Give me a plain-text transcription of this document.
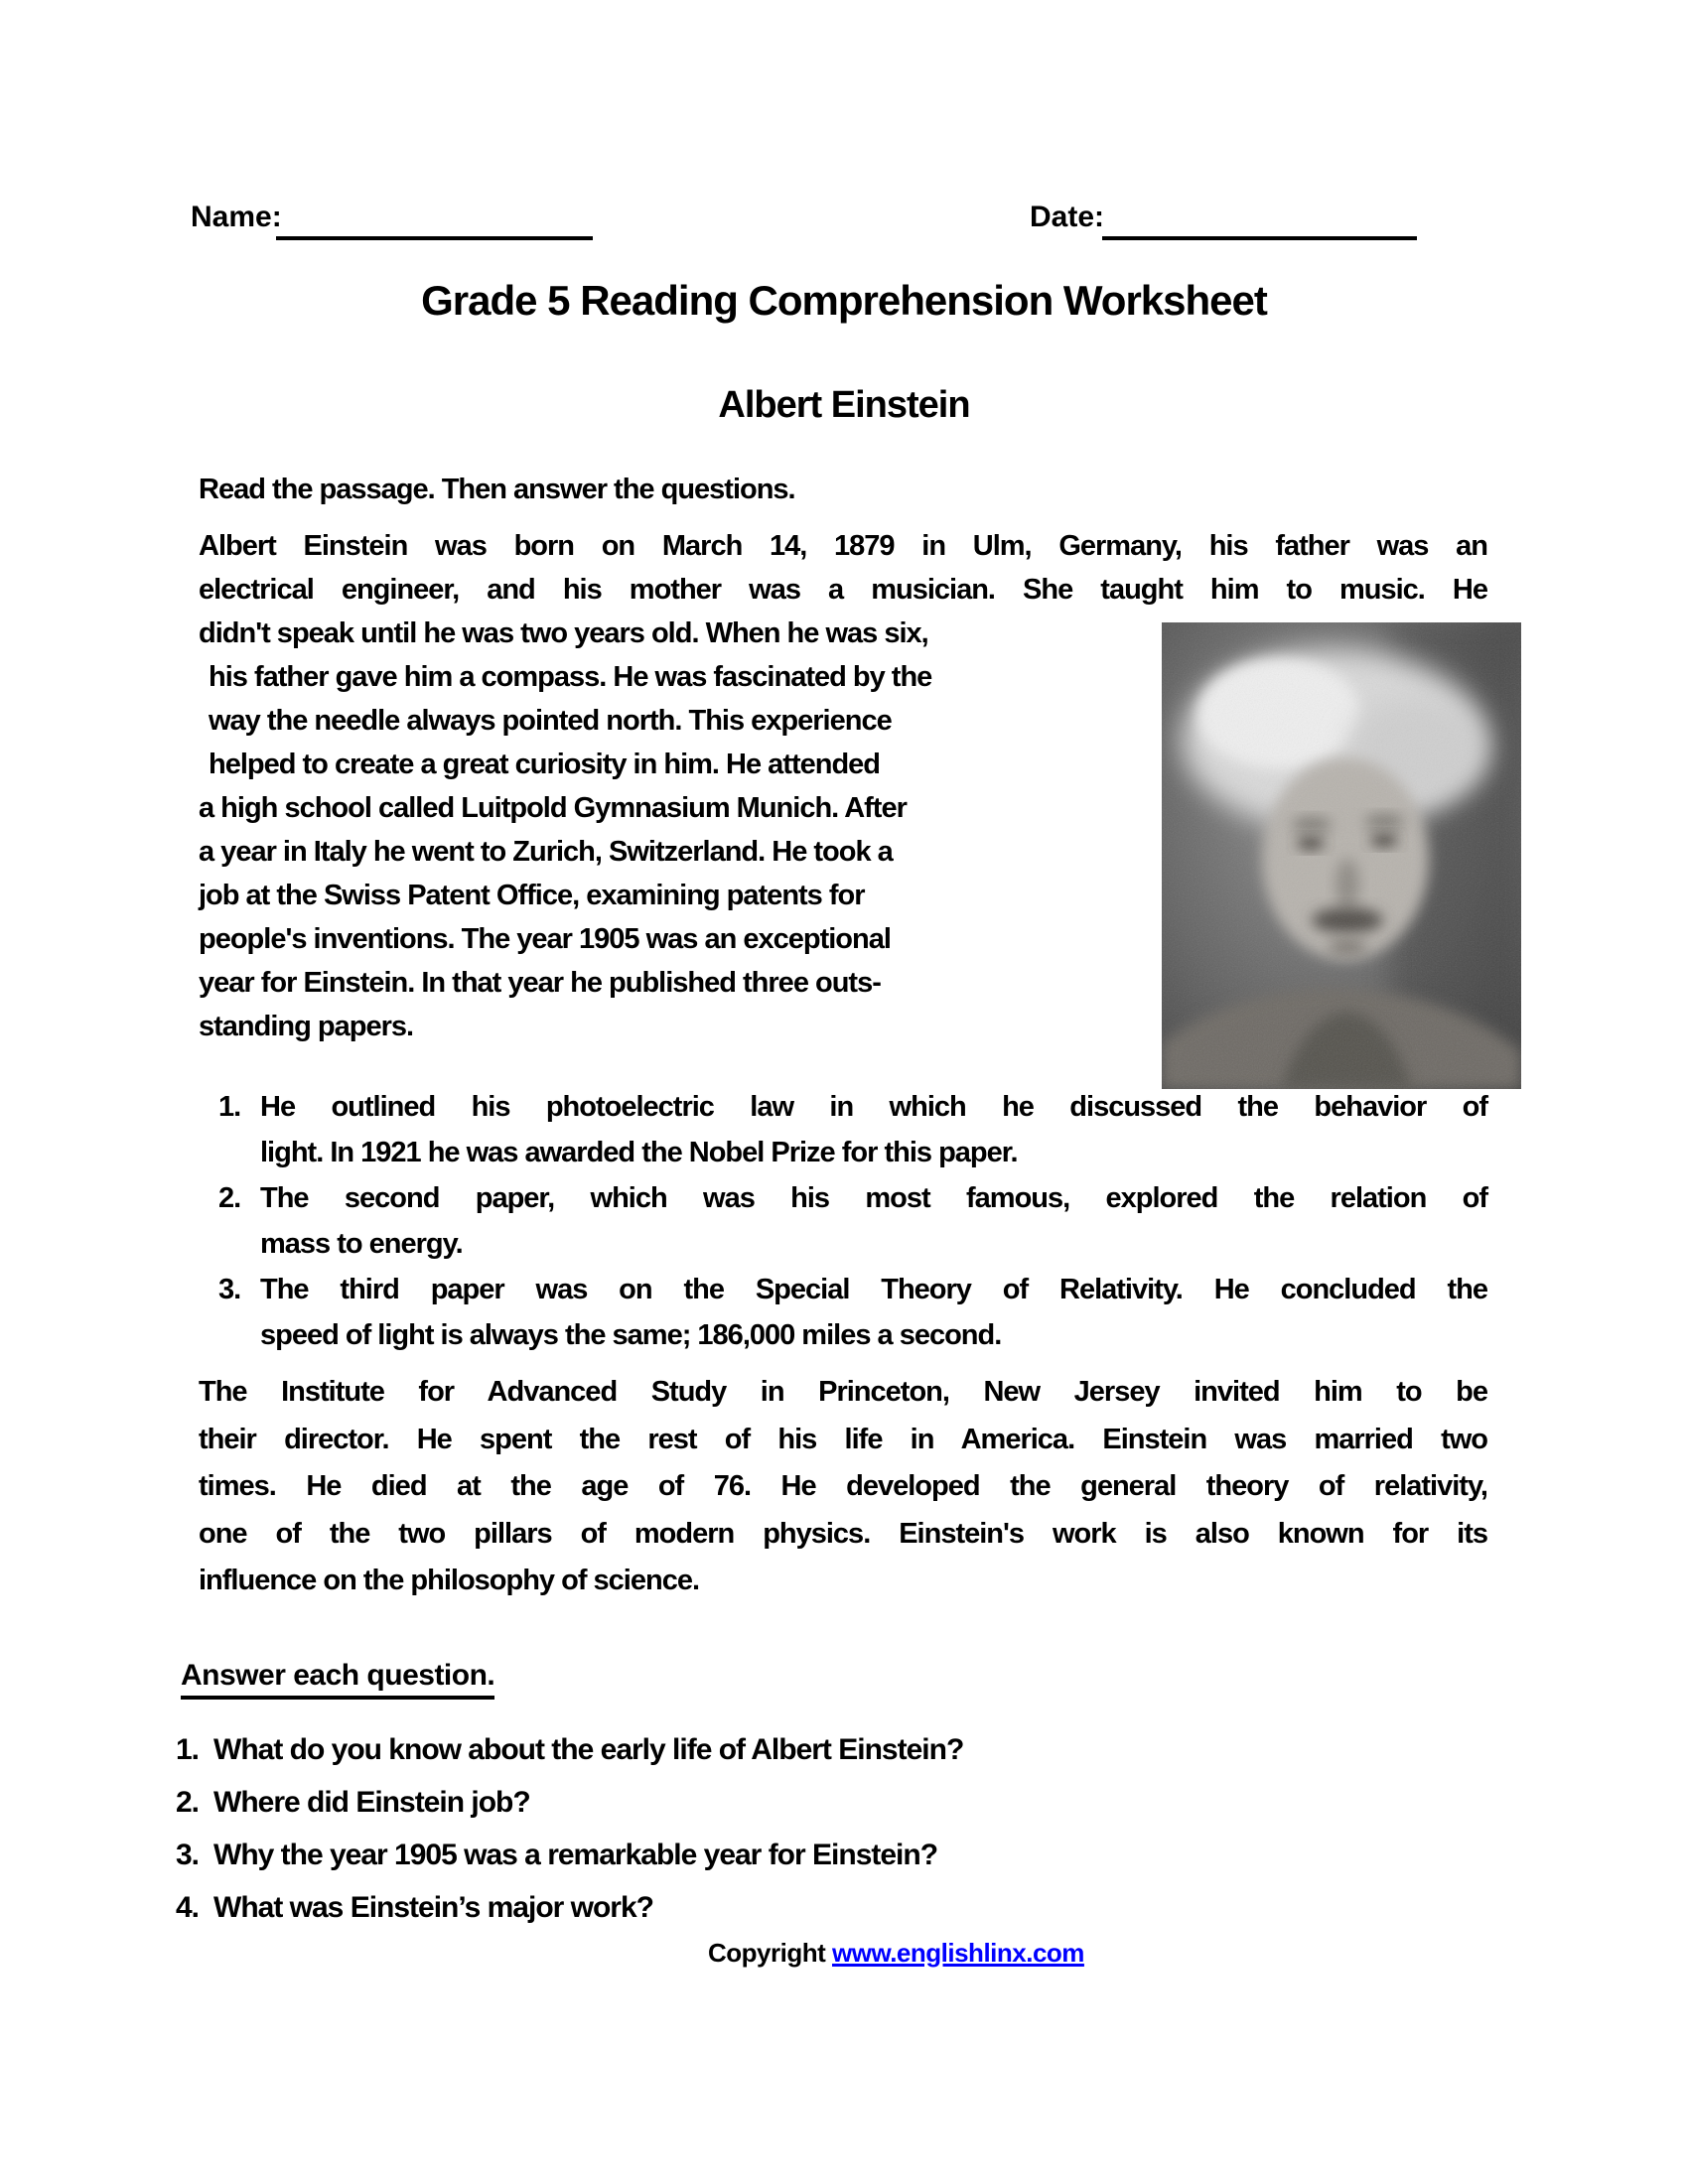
Name:	Date:
Grade 5 Reading Comprehension Worksheet
Albert Einstein
Read the passage. Then answer the questions.
Albert Einstein was born on March 14, 1879 in Ulm, Germany, his father was an
electrical engineer, and his mother was a musician. She taught him to music. He
didn't speak until he was two years old. When he was six,
his father gave him a compass. He was fascinated by the
way the needle always pointed north. This experience
helped to create a great curiosity in him. He attended
a high school called Luitpold Gymnasium Munich. After
a year in Italy he went to Zurich, Switzerland. He took a
job at the Swiss Patent Office, examining patents for
people's inventions. The year 1905 was an exceptional
year for Einstein. In that year he published three outs-
standing papers.
1. He outlined his photoelectric law in which he discussed the behavior of
light. In 1921 he was awarded the Nobel Prize for this paper.
2. The second paper, which was his most famous, explored the relation of
mass to energy.
3. The third paper was on the Special Theory of Relativity. He concluded the
speed of light is always the same; 186,000 miles a second.
The Institute for Advanced Study in Princeton, New Jersey invited him to be
their director. He spent the rest of his life in America. Einstein was married two
times. He died at the age of 76. He developed the general theory of relativity,
one of the two pillars of modern physics. Einstein's work is also known for its
influence on the philosophy of science.
Answer each question.
1. What do you know about the early life of Albert Einstein?
2. Where did Einstein job?
3. Why the year 1905 was a remarkable year for Einstein?
4. What was Einstein’s major work?
Copyright www.englishlinx.com
